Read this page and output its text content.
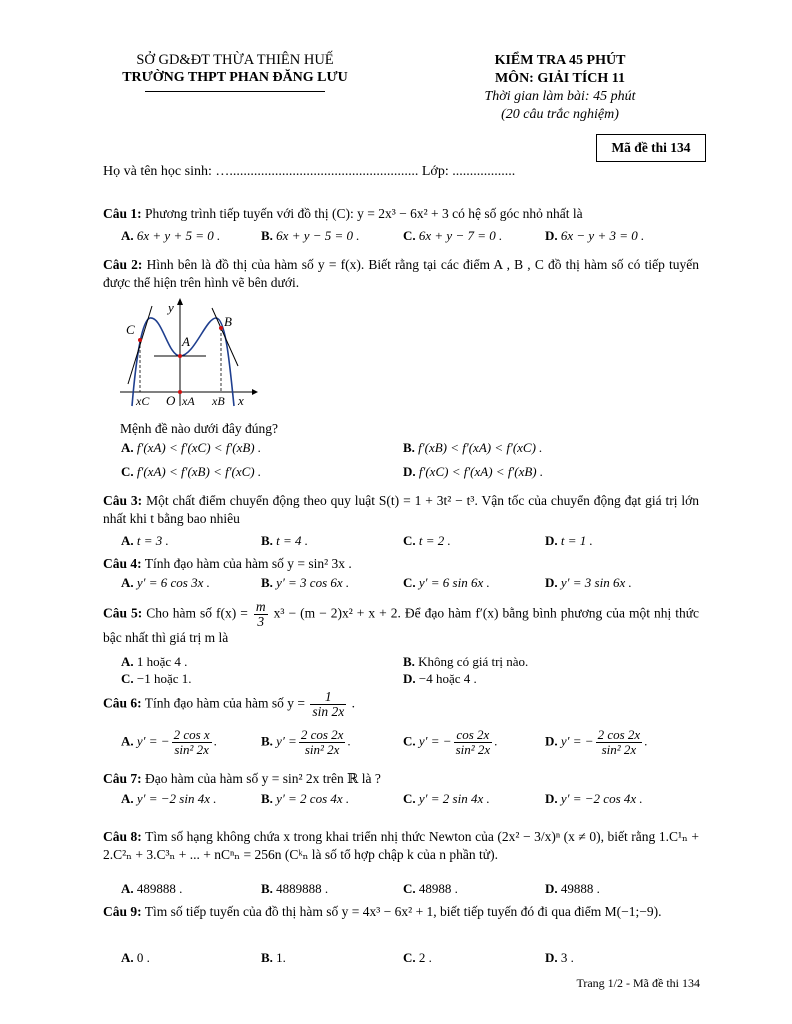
SỞ GD&ĐT THỪA THIÊN HUẾ
TRƯỜNG THPT PHAN ĐĂNG LƯU
KIỂM TRA 45 PHÚT
MÔN: GIẢI TÍCH 11
Thời gian làm bài: 45 phút
(20 câu trắc nghiệm)
Mã đề thi 134
Họ và tên học sinh: …...................................................... Lớp: ..................
Câu 1: Phương trình tiếp tuyến với đồ thị (C): y = 2x³ − 6x² + 3 có hệ số góc nhỏ nhất là
A. 6x + y + 5 = 0 .	B. 6x + y − 5 = 0 .	C. 6x + y − 7 = 0 .	D. 6x − y + 3 = 0 .
Câu 2: Hình bên là đồ thị của hàm số y = f(x). Biết rằng tại các điểm A , B , C đồ thị hàm số có tiếp tuyến được thể hiện trên hình vẽ bên dưới.
C
A
B
y
x
O
xC	xA xB
Mệnh đề nào dưới đây đúng?
A. f′(xA) < f′(xC) < f′(xB) .	B. f′(xB) < f′(xA) < f′(xC) .
C. f′(xA) < f′(xB) < f′(xC) .	D. f′(xC) < f′(xA) < f′(xB) .
Câu 3: Một chất điểm chuyển động theo quy luật S(t) = 1 + 3t² − t³. Vận tốc của chuyển động đạt giá trị lớn nhất khi t bằng bao nhiêu
A. t = 3 .	B. t = 4 .	C. t = 2 .	D. t = 1 .
Câu 4: Tính đạo hàm của hàm số y = sin² 3x .
A. y′ = 6 cos 3x .	B. y′ = 3 cos 6x .	C. y′ = 6 sin 6x .	D. y′ = 3 sin 6x .
Câu 5: Cho hàm số $f(x) = \frac{m}{3} x^3 - (m - 2)x^2 + x + 2$. Để đạo hàm f′(x) bằng bình phương của một nhị thức bậc nhất thì giá trị m là
A. 1 hoặc 4 .	B. Không có giá trị nào.
C. −1 hoặc 1.	D. −4 hoặc 4 .
Câu 6: Tính đạo hàm của hàm số $y = \frac{1}{\sin 2x}$ .
A. y′ = − $\frac{\text{2 cos x}}{\text{sin² 2x}}$ .	B. $y' = \frac{2 \cos 2x}{\text{sin² 2x}}$ .	C. y′ = − $\frac{\cos 2x}{\text{sin² 2x}}$ .	D. y′ = − $\frac{2 \cos 2x}{\text{sin² 2x}}$ .
Câu 7: Đạo hàm của hàm số y = sin² 2x trên ℝ là ?
A. y′ = −2 sin 4x .	B. y′ = 2 cos 4x .	C. y′ = 2 sin 4x .	D. y′ = −2 cos 4x .
Câu 8: Tìm số hạng không chứa x trong khai triển nhị thức Newton của (2x² − 3/x)ⁿ (x ≠ 0), biết rằng 1.C¹ₙ + 2.C²ₙ + 3.C³ₙ + ... + nCⁿₙ = 256n (Cᵏₙ là số tổ hợp chập k của n phần tử).
A. 489888 .	B. 4889888 .	C. 48988 .	D. 49888 .
Câu 9: Tìm số tiếp tuyến của đồ thị hàm số y = 4x³ − 6x² + 1, biết tiếp tuyến đó đi qua điểm M(−1;−9).
A. 0 .	B. 1.	C. 2 .	D. 3 .
Trang 1/2 - Mã đề thi 134
